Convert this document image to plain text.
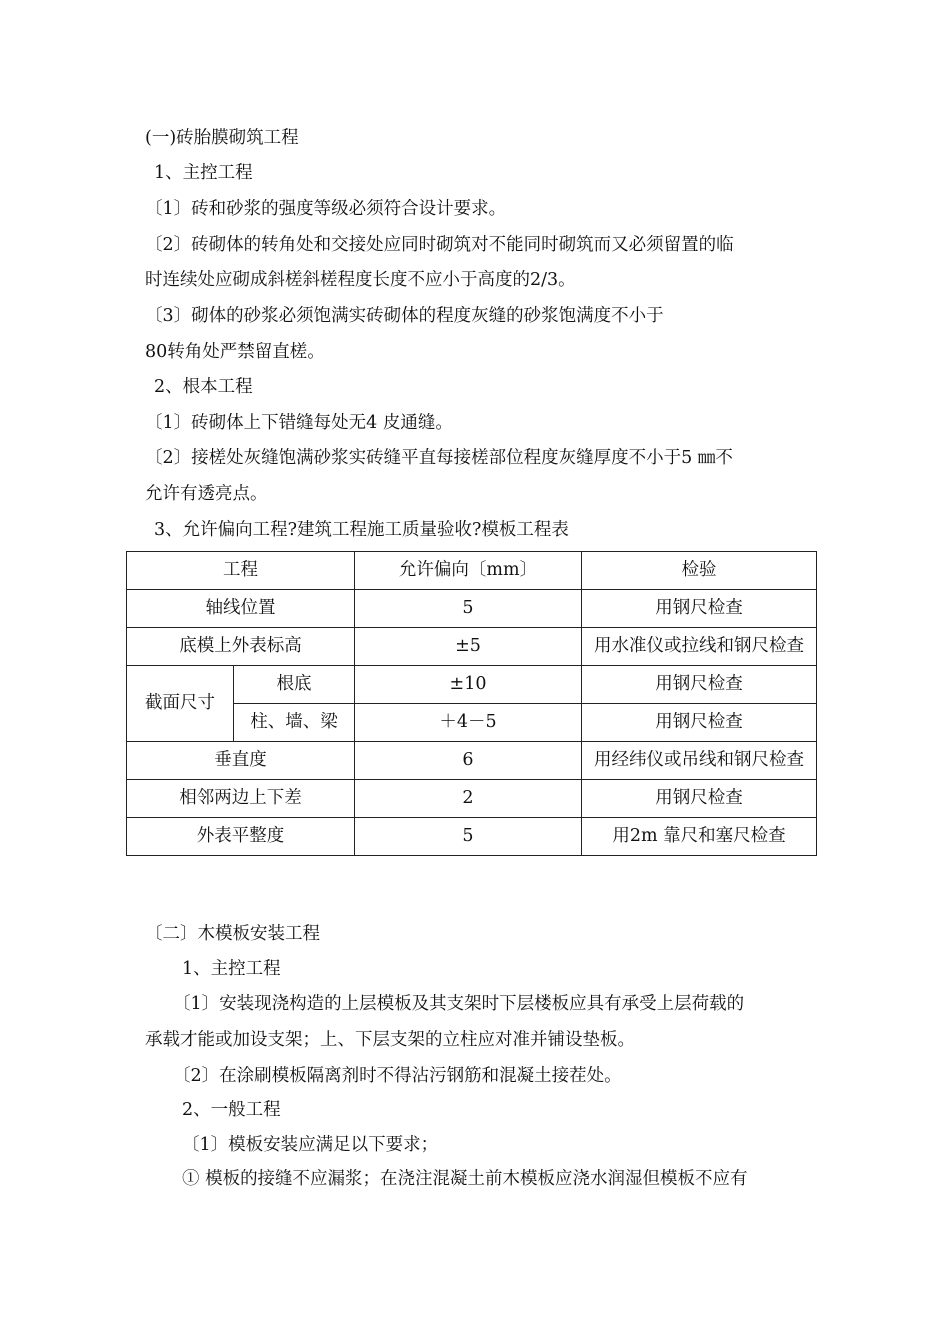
(一)砖胎膜砌筑工程
1、主控工程
〔1〕砖和砂浆的强度等级必须符合设计要求。
〔2〕砖砌体的转角处和交接处应同时砌筑对不能同时砌筑而又必须留置的临
时连续处应砌成斜槎斜槎程度长度不应小于高度的2/3。
〔3〕砌体的砂浆必须饱满实砖砌体的程度灰缝的砂浆饱满度不小于
80转角处严禁留直槎。
2、根本工程
〔1〕砖砌体上下错缝每处无4 皮通缝。
〔2〕接槎处灰缝饱满砂浆实砖缝平直每接槎部位程度灰缝厚度不小于5 ㎜不
允许有透亮点。
3、允许偏向工程?建筑工程施工质量验收?模板工程表
工程		允许偏向〔mm〕	检验
轴线位置		5	用钢尺检查
底模上外表标高		±5	用水准仪或拉线和钢尺检查
截面尺寸	根底	±10	用钢尺检查
	柱、墙、梁	＋4－5	用钢尺检查
垂直度		6	用经纬仪或吊线和钢尺检查
相邻两边上下差		2	用钢尺检查
外表平整度		5	用2m 靠尺和塞尺检查
〔二〕木模板安装工程
1、主控工程
〔1〕安装现浇构造的上层模板及其支架时下层楼板应具有承受上层荷载的
承载才能或加设支架；上、下层支架的立柱应对准并铺设垫板。
〔2〕在涂刷模板隔离剂时不得沾污钢筋和混凝土接茬处。
2、一般工程
〔1〕模板安装应满足以下要求；
① 模板的接缝不应漏浆；在浇注混凝土前木模板应浇水润湿但模板不应有
